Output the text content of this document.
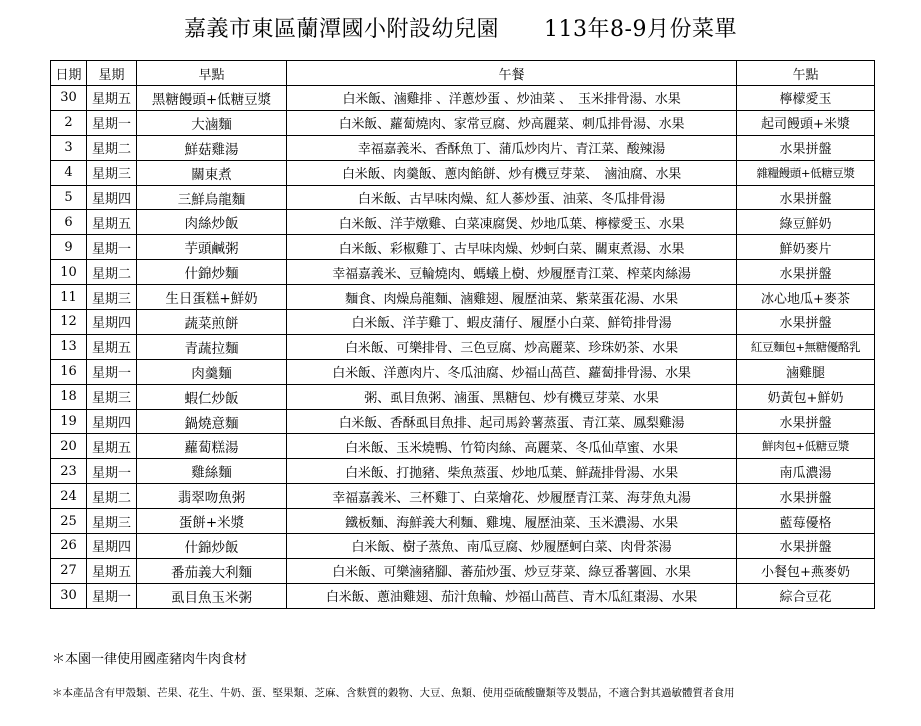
嘉義市東區蘭潭國小附設幼兒園　　113年8-9月份菜單
日期	星期	早點	午餐	午點
30	星期五	黑糖饅頭+低糖豆漿	白米飯、滷雞排 、洋蔥炒蛋 、炒油菜 、　玉米排骨湯、水果	檸檬愛玉
2	星期一	大滷麵	白米飯、蘿蔔燒肉、家常豆腐、炒高麗菜、刺瓜排骨湯、水果	起司饅頭+米漿
3	星期二	鮮菇雞湯	幸福嘉義米、香酥魚丁、蒲瓜炒肉片、青江菜、酸辣湯	水果拼盤
4	星期三	關東煮	白米飯、肉羹飯、蔥肉餡餅、炒有機豆芽菜、　滷油腐、水果	雜糧饅頭+低糖豆漿
5	星期四	三鮮烏龍麵	白米飯、古早味肉燥、紅人蔘炒蛋、油菜、冬瓜排骨湯	水果拼盤
6	星期五	肉絲炒飯	白米飯、洋芋燉雞、白菜凍腐煲、炒地瓜葉、檸檬愛玉、水果	綠豆鮮奶
9	星期一	芋頭鹹粥	白米飯、彩椒雞丁、古早味肉燥、炒蚵白菜、關東煮湯、水果	鮮奶麥片
10	星期二	什錦炒麵	幸福嘉義米、豆輪燒肉、螞蟻上樹、炒履歷青江菜、榨菜肉絲湯	水果拼盤
11	星期三	生日蛋糕+鮮奶	麵食、肉燥烏龍麵、滷雞翅、履歷油菜、紫菜蛋花湯、水果	冰心地瓜+麥茶
12	星期四	蔬菜煎餅	白米飯、洋芋雞丁、蝦皮蒲仔、履歷小白菜、鮮筍排骨湯	水果拼盤
13	星期五	青蔬拉麵	白米飯、可樂排骨、三色豆腐、炒高麗菜、珍珠奶茶、水果	紅豆麵包+無糖優酪乳
16	星期一	肉羹麵	白米飯、洋蔥肉片、冬瓜油腐、炒福山萵苣、蘿蔔排骨湯、水果	滷雞腿
18	星期三	蝦仁炒飯	粥、虱目魚粥、滷蛋、黑糖包、炒有機豆芽菜、水果	奶黃包+鮮奶
19	星期四	鍋燒意麵	白米飯、香酥虱目魚排、起司馬鈴薯蒸蛋、青江菜、鳳梨雞湯	水果拼盤
20	星期五	蘿蔔糕湯	白米飯、玉米燒鴨、竹筍肉絲、高麗菜、冬瓜仙草蜜、水果	鮮肉包+低糖豆漿
23	星期一	雞絲麵	白米飯、打拋豬、柴魚蒸蛋、炒地瓜葉、鮮蔬排骨湯、水果	南瓜濃湯
24	星期二	翡翠吻魚粥	幸福嘉義米、三杯雞丁、白菜燴花、炒履歷青江菜、海芽魚丸湯	水果拼盤
25	星期三	蛋餅+米漿	鐵板麵、海鮮義大利麵、雞塊、履歷油菜、玉米濃湯、水果	藍莓優格
26	星期四	什錦炒飯	白米飯、樹子蒸魚、南瓜豆腐、炒履歷蚵白菜、肉骨茶湯	水果拼盤
27	星期五	番茄義大利麵	白米飯、可樂滷豬腳、蕃茄炒蛋、炒豆芽菜、綠豆番薯圓、水果	小餐包+燕麥奶
30	星期一	虱目魚玉米粥	白米飯、蔥油雞翅、茄汁魚輪、炒福山萵苣、青木瓜紅棗湯、水果	綜合豆花
＊本園一律使用國產豬肉牛肉食材
＊本產品含有甲殼類、芒果、花生、牛奶、蛋、堅果類、芝麻、含麩質的穀物、大豆、魚類、使用亞硫酸鹽類等及製品，不適合對其過敏體質者食用
